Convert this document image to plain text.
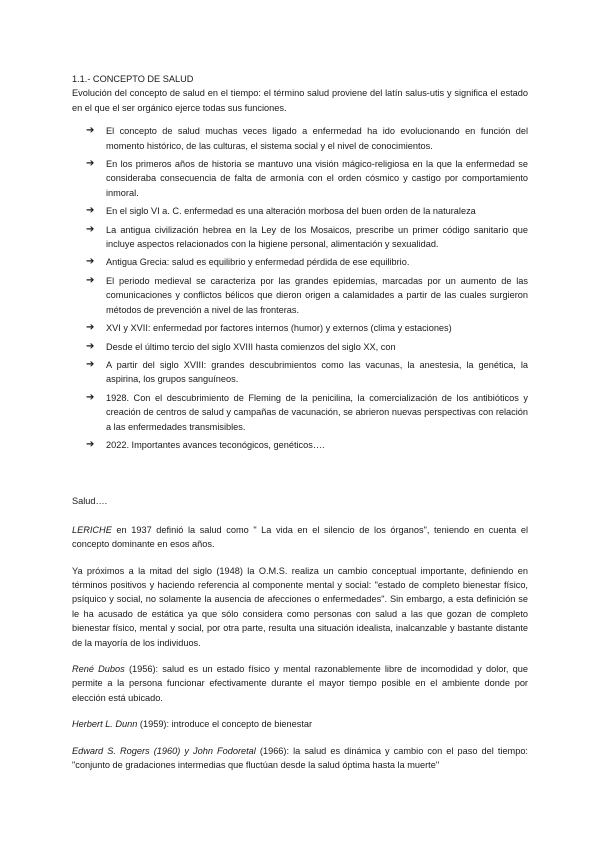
1.1.- CONCEPTO DE SALUD

Evolución del concepto de salud en el tiempo: el término salud proviene del latín salus-utis y significa el estado en el que el ser orgánico ejerce todas sus funciones.

➔ El concepto de salud muchas veces ligado a enfermedad ha ido evolucionando en función del momento histórico, de las culturas, el sistema social y el nivel de conocimientos.
➔ En los primeros años de historia se mantuvo una visión mágico-religiosa en la que la enfermedad se consideraba consecuencia de falta de armonía con el orden cósmico y castigo por comportamiento inmoral.
➔ En el siglo VI a. C. enfermedad es una alteración morbosa del buen orden de la naturaleza
➔ La antigua civilización hebrea en la Ley de los Mosaicos, prescribe un primer código sanitario que incluye aspectos relacionados con la higiene personal, alimentación y sexualidad.
➔ Antigua Grecia: salud es equilibrio y enfermedad pérdida de ese equilibrio.
➔ El periodo medieval se caracteriza por las grandes epidemias, marcadas por un aumento de las comunicaciones y conflictos bélicos que dieron origen a calamidades a partir de las cuales surgieron métodos de prevención a nivel de las fronteras.
➔ XVI y XVII: enfermedad por factores internos (humor) y externos (clima y estaciones)
➔ Desde el último tercio del siglo XVIII hasta comienzos del siglo XX, con
➔ A partir del siglo XVIII: grandes descubrimientos como las vacunas, la anestesia, la genética, la aspirina, los grupos sanguíneos.
➔ 1928. Con el descubrimiento de Fleming de la penicilina, la comercialización de los antibióticos y creación de centros de salud y campañas de vacunación, se abrieron nuevas perspectivas con relación a las enfermedades transmisibles.
➔ 2022. Importantes avances teconógicos, genéticos….

Salud….

LERICHE en 1937 definió la salud como " La vida en el silencio de los órganos", teniendo en cuenta el concepto dominante en esos años.

Ya próximos a la mitad del siglo (1948) la O.M.S. realiza un cambio conceptual importante, definiendo en términos positivos y haciendo referencia al componente mental y social: "estado de completo bienestar físico, psíquico y social, no solamente la ausencia de afecciones o enfermedades". Sin embargo, a esta definición se le ha acusado de estática ya que sólo considera como personas con salud a las que gozan de completo bienestar físico, mental y social, por otra parte, resulta una situación idealista, inalcanzable y bastante distante de la mayoría de los individuos.

René Dubos (1956): salud es un estado físico y mental razonablemente libre de incomodidad y dolor, que permite a la persona funcionar efectivamente durante el mayor tiempo posible en el ambiente donde por elección está ubicado.

Herbert L. Dunn (1959): introduce el concepto de bienestar

Edward S. Rogers (1960) y John Fodoretal (1966): la salud es dinámica y cambio con el paso del tiempo: "conjunto de gradaciones intermedias que fluctúan desde la salud óptima hasta la muerte"
